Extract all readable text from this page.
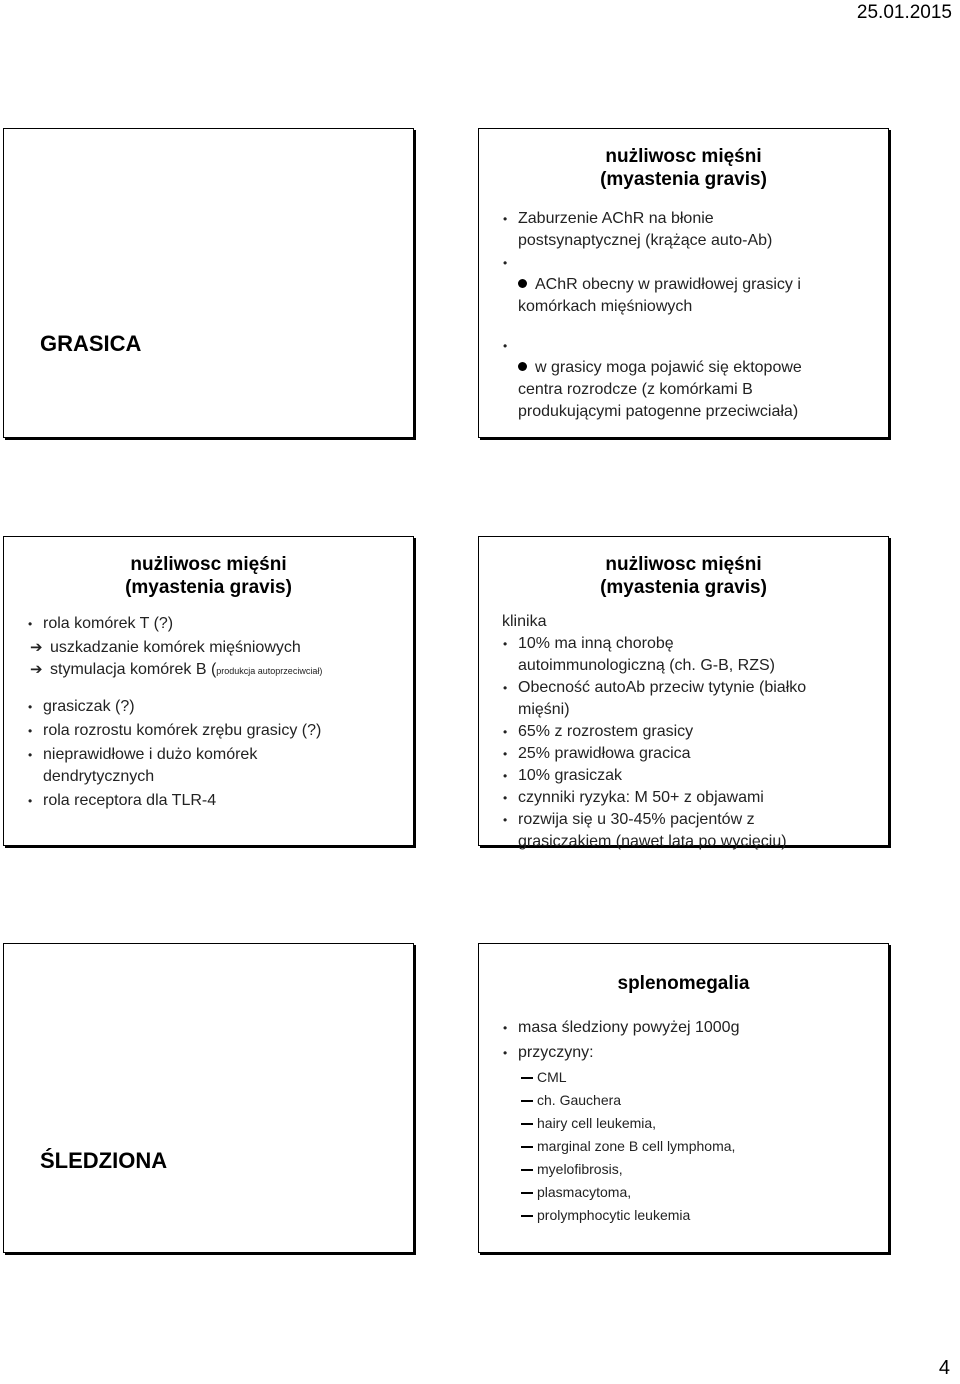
25.01.2015
GRASICA
nużliwosc mięśni
(myastenia gravis)
• Zaburzenie AChR na błonie
postsynaptycznej (krążące auto-Ab)
•
AChR obecny w prawidłowej grasicy i
komórkach mięśniowych
•
w grasicy moga pojawić się ektopowe
centra rozrodcze (z komórkami B
produkującymi patogenne przeciwciała)
nużliwosc mięśni
(myastenia gravis)
• rola komórek T (?)
➔ uszkadzanie komórek mięśniowych
➔ stymulacja komórek B (produkcja autoprzeciwciał)
• grasiczak (?)
• rola rozrostu komórek zrębu grasicy (?)
• nieprawidłowe i dużo komórek
dendrytycznych
• rola receptora dla TLR-4
nużliwosc mięśni
(myastenia gravis)
klinika
• 10% ma inną chorobę
autoimmunologiczną (ch. G-B, RZS)
• Obecność autoAb przeciw tytynie (białko
mięśni)
• 65% z rozrostem grasicy
• 25% prawidłowa gracica
• 10% grasiczak
• czynniki ryzyka: M 50+ z objawami
• rozwija się u 30-45% pacjentów z
grasiczakiem (nawet lata po wycięciu)
ŚLEDZIONA
splenomegalia
• masa śledziony powyżej 1000g
• przyczyny:
CML
ch. Gauchera
hairy cell leukemia,
marginal zone B cell lymphoma,
myelofibrosis,
plasmacytoma,
prolymphocytic leukemia
4
